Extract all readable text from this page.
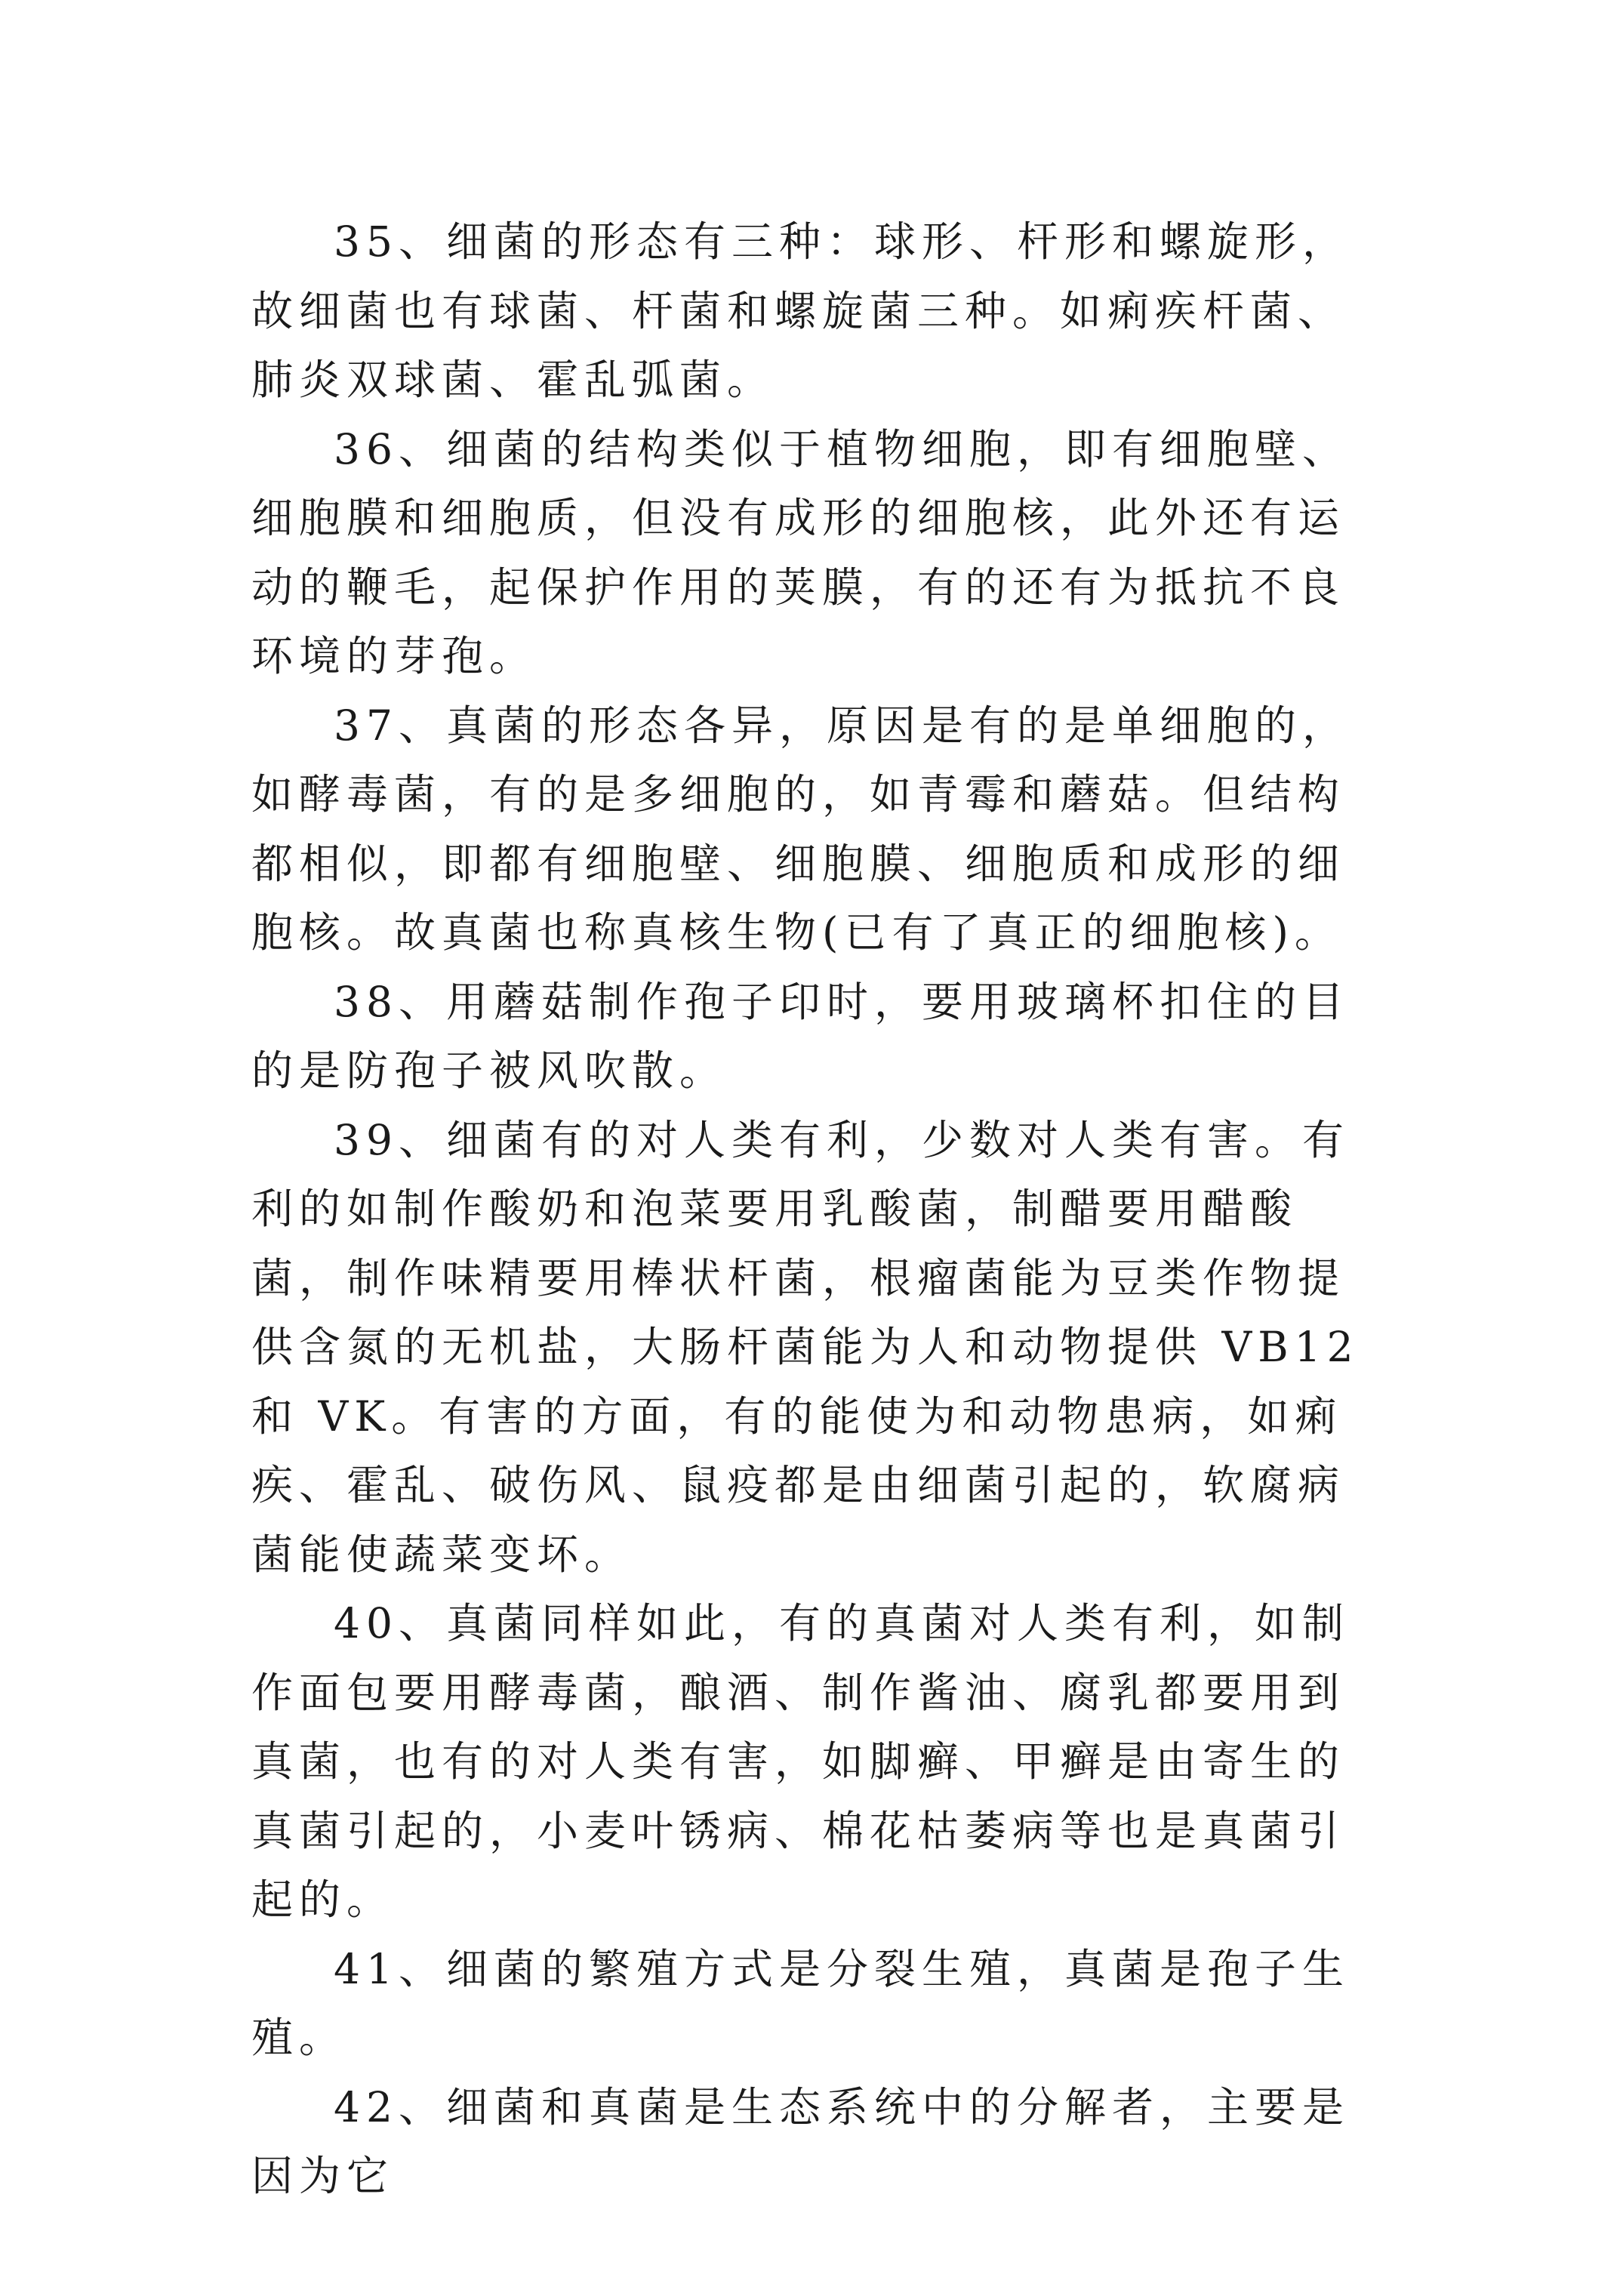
35、细菌的形态有三种：球形、杆形和螺旋形，故细菌也有球菌、杆菌和螺旋菌三种。如痢疾杆菌、肺炎双球菌、霍乱弧菌。

36、细菌的结构类似于植物细胞，即有细胞壁、细胞膜和细胞质，但没有成形的细胞核，此外还有运动的鞭毛，起保护作用的荚膜，有的还有为抵抗不良环境的芽孢。

37、真菌的形态各异，原因是有的是单细胞的，如酵毒菌，有的是多细胞的，如青霉和蘑菇。但结构都相似，即都有细胞壁、细胞膜、细胞质和成形的细胞核。故真菌也称真核生物(已有了真正的细胞核)。

38、用蘑菇制作孢子印时，要用玻璃杯扣住的目的是防孢子被风吹散。

39、细菌有的对人类有利，少数对人类有害。有利的如制作酸奶和泡菜要用乳酸菌，制醋要用醋酸菌，制作味精要用棒状杆菌，根瘤菌能为豆类作物提供含氮的无机盐，大肠杆菌能为人和动物提供 VB12 和 VK。有害的方面，有的能使为和动物患病，如痢疾、霍乱、破伤风、鼠疫都是由细菌引起的，软腐病菌能使蔬菜变坏。

40、真菌同样如此，有的真菌对人类有利，如制作面包要用酵毒菌，酿酒、制作酱油、腐乳都要用到真菌，也有的对人类有害，如脚癣、甲癣是由寄生的真菌引起的，小麦叶锈病、棉花枯萎病等也是真菌引起的。

41、细菌的繁殖方式是分裂生殖，真菌是孢子生殖。

42、细菌和真菌是生态系统中的分解者，主要是因为它
